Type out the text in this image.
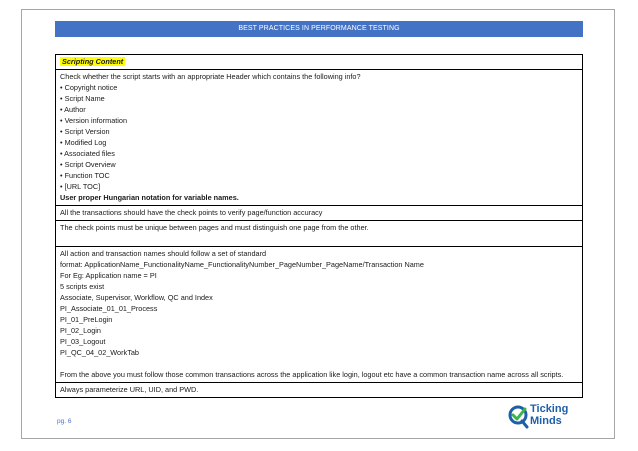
BEST PRACTICES IN PERFORMANCE TESTING
Scripting Content

Check whether the script starts with an appropriate Header which contains the following info?
• Copyright notice
• Script Name
• Author
• Version information
• Script Version
• Modified Log
• Associated files
• Script Overview
• Function TOC
• [URL TOC]
User proper Hungarian notation for variable names.

All the transactions should have the check points to verify page/function accuracy

The check points must be unique between pages and must distinguish one page from the other.

All action and transaction names should follow a set of standard
format: ApplicationName_FunctionalityName_FunctionalityNumber_PageNumber_PageName/Transaction Name
For Eg: Application name = PI
5 scripts exist
Associate, Supervisor, Workflow, QC and Index
PI_Associate_01_01_Process
PI_01_PreLogin
PI_02_Login
PI_03_Logout
PI_QC_04_02_WorkTab
From the above you must follow those common transactions across the application like login, logout etc have a common transaction name across all scripts.

Always parameterize URL, UID, and PWD.
pg. 6
Ticking
Minds
